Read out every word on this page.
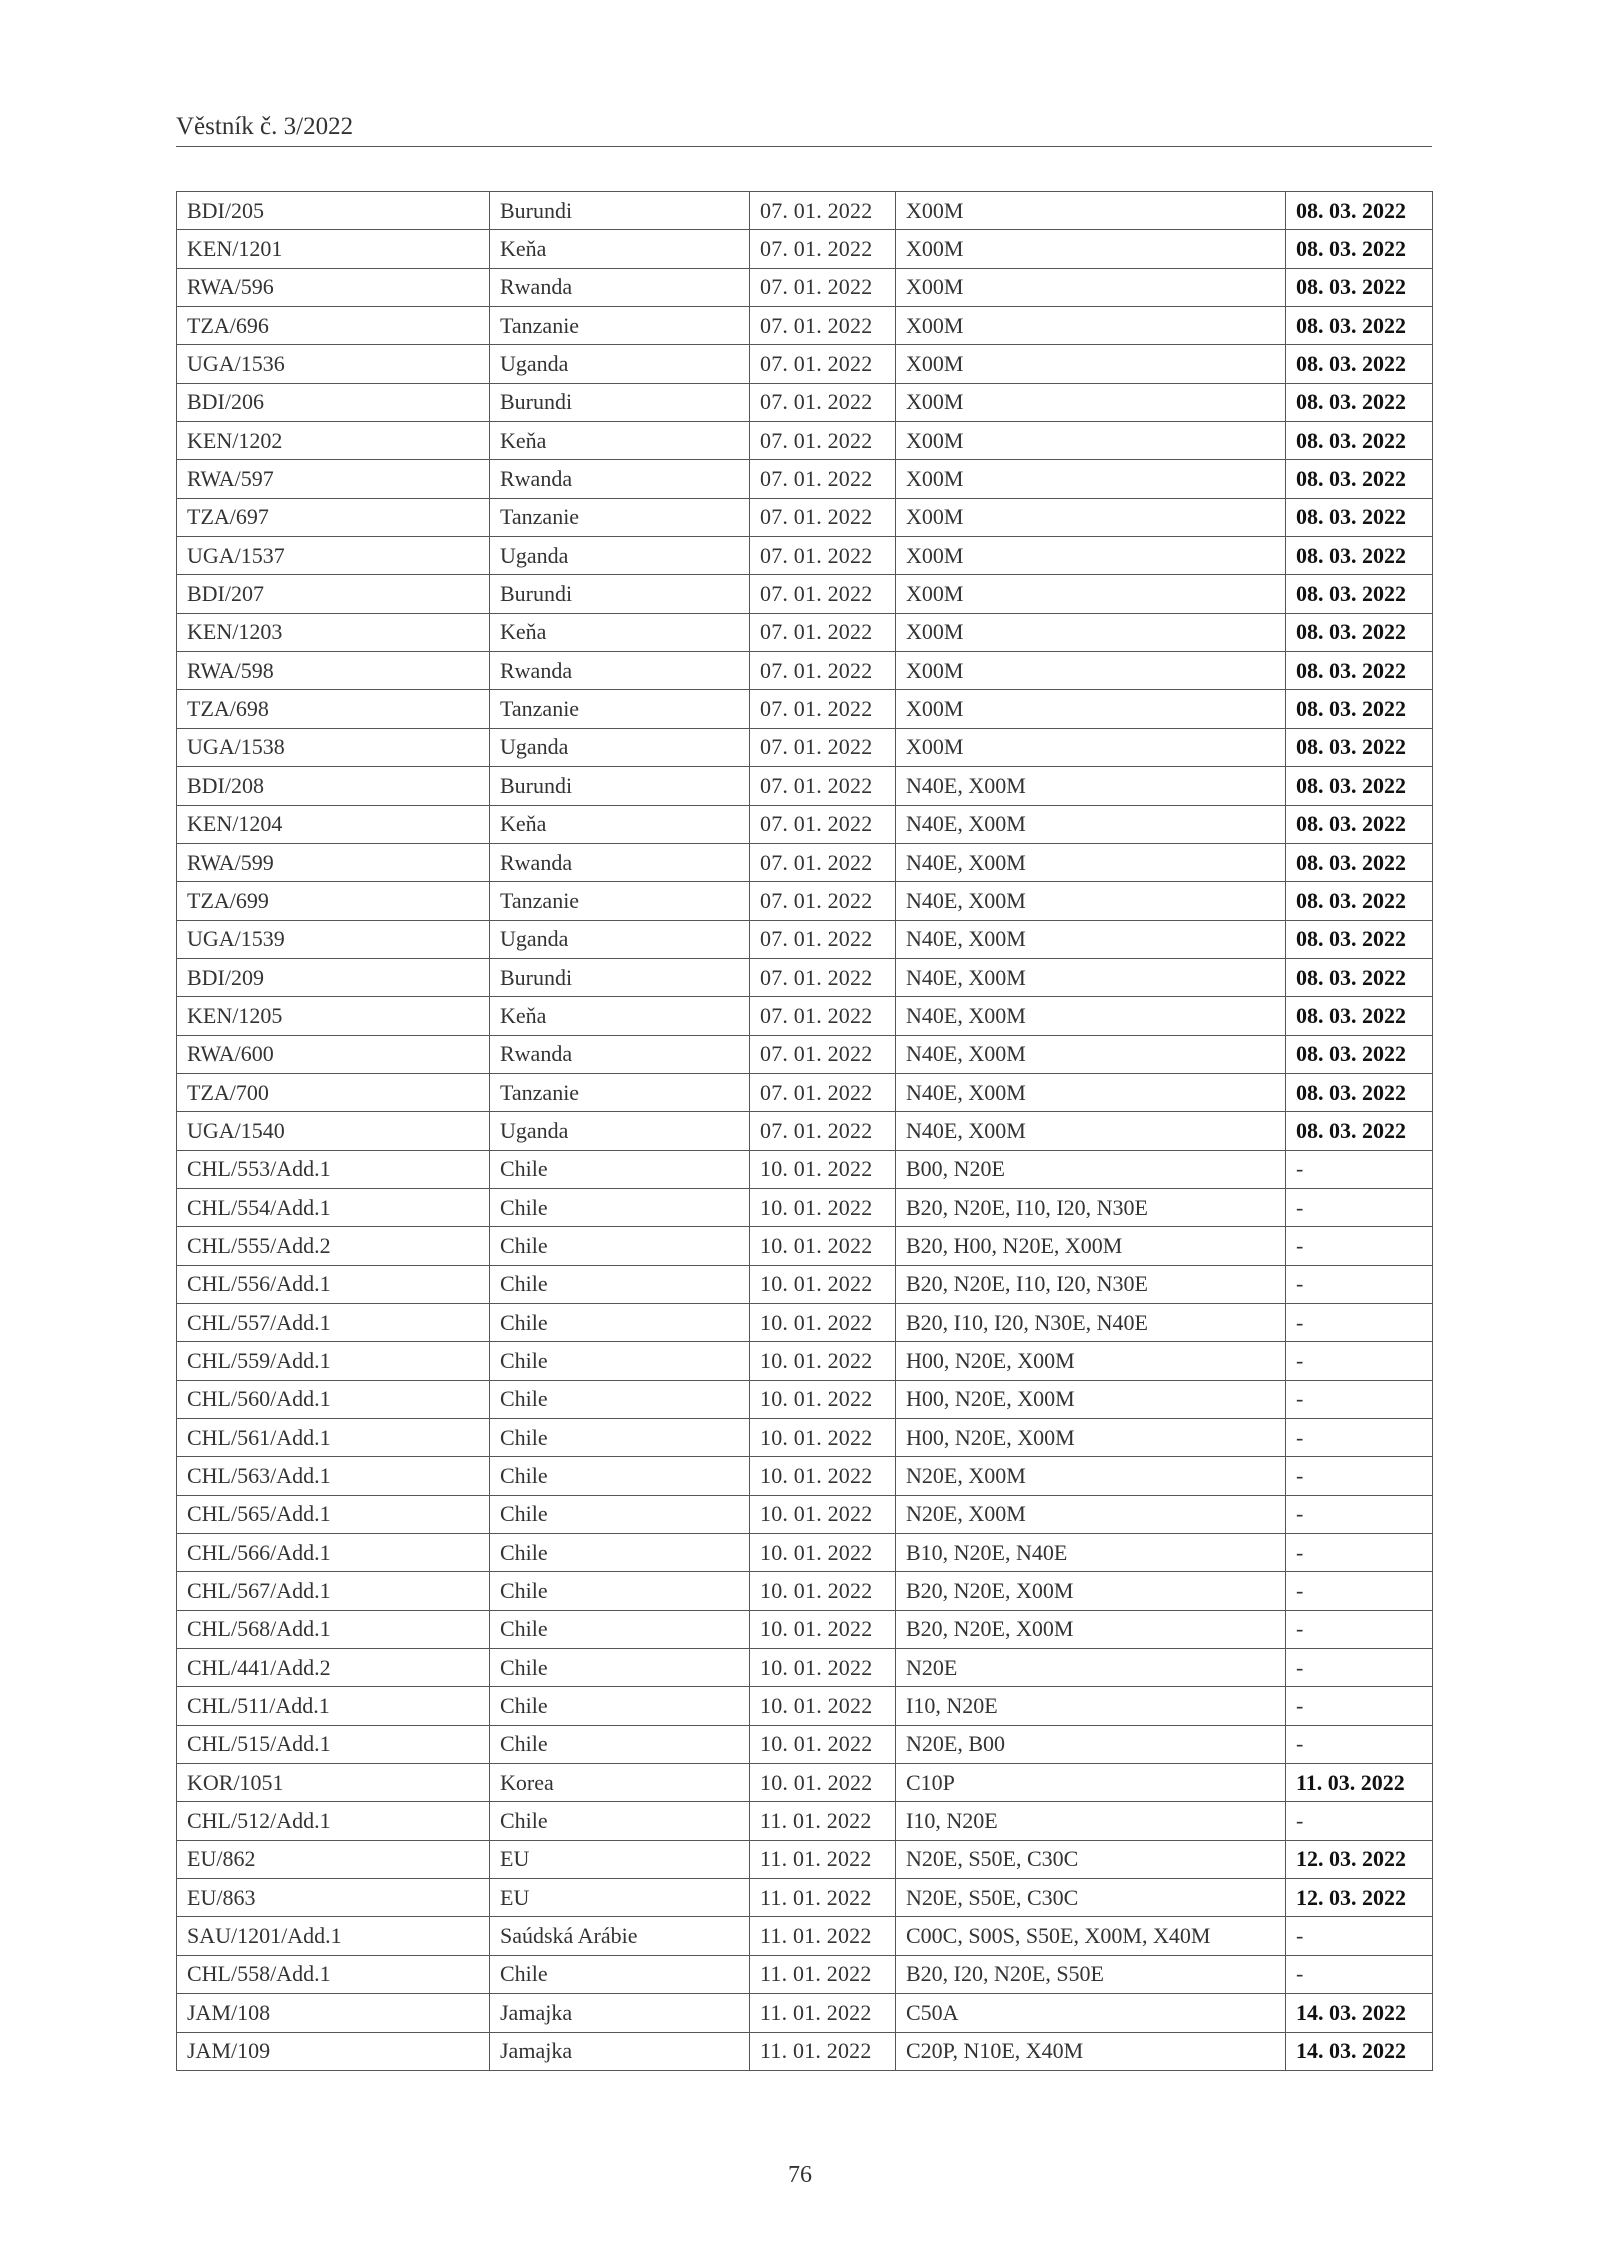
Věstník č. 3/2022
BDI/205	Burundi	07. 01. 2022	X00M	08. 03. 2022
KEN/1201	Keňa	07. 01. 2022	X00M	08. 03. 2022
RWA/596	Rwanda	07. 01. 2022	X00M	08. 03. 2022
TZA/696	Tanzanie	07. 01. 2022	X00M	08. 03. 2022
UGA/1536	Uganda	07. 01. 2022	X00M	08. 03. 2022
BDI/206	Burundi	07. 01. 2022	X00M	08. 03. 2022
KEN/1202	Keňa	07. 01. 2022	X00M	08. 03. 2022
RWA/597	Rwanda	07. 01. 2022	X00M	08. 03. 2022
TZA/697	Tanzanie	07. 01. 2022	X00M	08. 03. 2022
UGA/1537	Uganda	07. 01. 2022	X00M	08. 03. 2022
BDI/207	Burundi	07. 01. 2022	X00M	08. 03. 2022
KEN/1203	Keňa	07. 01. 2022	X00M	08. 03. 2022
RWA/598	Rwanda	07. 01. 2022	X00M	08. 03. 2022
TZA/698	Tanzanie	07. 01. 2022	X00M	08. 03. 2022
UGA/1538	Uganda	07. 01. 2022	X00M	08. 03. 2022
BDI/208	Burundi	07. 01. 2022	N40E, X00M	08. 03. 2022
KEN/1204	Keňa	07. 01. 2022	N40E, X00M	08. 03. 2022
RWA/599	Rwanda	07. 01. 2022	N40E, X00M	08. 03. 2022
TZA/699	Tanzanie	07. 01. 2022	N40E, X00M	08. 03. 2022
UGA/1539	Uganda	07. 01. 2022	N40E, X00M	08. 03. 2022
BDI/209	Burundi	07. 01. 2022	N40E, X00M	08. 03. 2022
KEN/1205	Keňa	07. 01. 2022	N40E, X00M	08. 03. 2022
RWA/600	Rwanda	07. 01. 2022	N40E, X00M	08. 03. 2022
TZA/700	Tanzanie	07. 01. 2022	N40E, X00M	08. 03. 2022
UGA/1540	Uganda	07. 01. 2022	N40E, X00M	08. 03. 2022
CHL/553/Add.1	Chile	10. 01. 2022	B00, N20E	-
CHL/554/Add.1	Chile	10. 01. 2022	B20, N20E, I10, I20, N30E	-
CHL/555/Add.2	Chile	10. 01. 2022	B20, H00, N20E, X00M	-
CHL/556/Add.1	Chile	10. 01. 2022	B20, N20E, I10, I20, N30E	-
CHL/557/Add.1	Chile	10. 01. 2022	B20, I10, I20, N30E, N40E	-
CHL/559/Add.1	Chile	10. 01. 2022	H00, N20E, X00M	-
CHL/560/Add.1	Chile	10. 01. 2022	H00, N20E, X00M	-
CHL/561/Add.1	Chile	10. 01. 2022	H00, N20E, X00M	-
CHL/563/Add.1	Chile	10. 01. 2022	N20E, X00M	-
CHL/565/Add.1	Chile	10. 01. 2022	N20E, X00M	-
CHL/566/Add.1	Chile	10. 01. 2022	B10, N20E, N40E	-
CHL/567/Add.1	Chile	10. 01. 2022	B20, N20E, X00M	-
CHL/568/Add.1	Chile	10. 01. 2022	B20, N20E, X00M	-
CHL/441/Add.2	Chile	10. 01. 2022	N20E	-
CHL/511/Add.1	Chile	10. 01. 2022	I10, N20E	-
CHL/515/Add.1	Chile	10. 01. 2022	N20E, B00	-
KOR/1051	Korea	10. 01. 2022	C10P	11. 03. 2022
CHL/512/Add.1	Chile	11. 01. 2022	I10, N20E	-
EU/862	EU	11. 01. 2022	N20E, S50E, C30C	12. 03. 2022
EU/863	EU	11. 01. 2022	N20E, S50E, C30C	12. 03. 2022
SAU/1201/Add.1	Saúdská Arábie	11. 01. 2022	C00C, S00S, S50E, X00M, X40M	-
CHL/558/Add.1	Chile	11. 01. 2022	B20, I20, N20E, S50E	-
JAM/108	Jamajka	11. 01. 2022	C50A	14. 03. 2022
JAM/109	Jamajka	11. 01. 2022	C20P, N10E, X40M	14. 03. 2022
76
